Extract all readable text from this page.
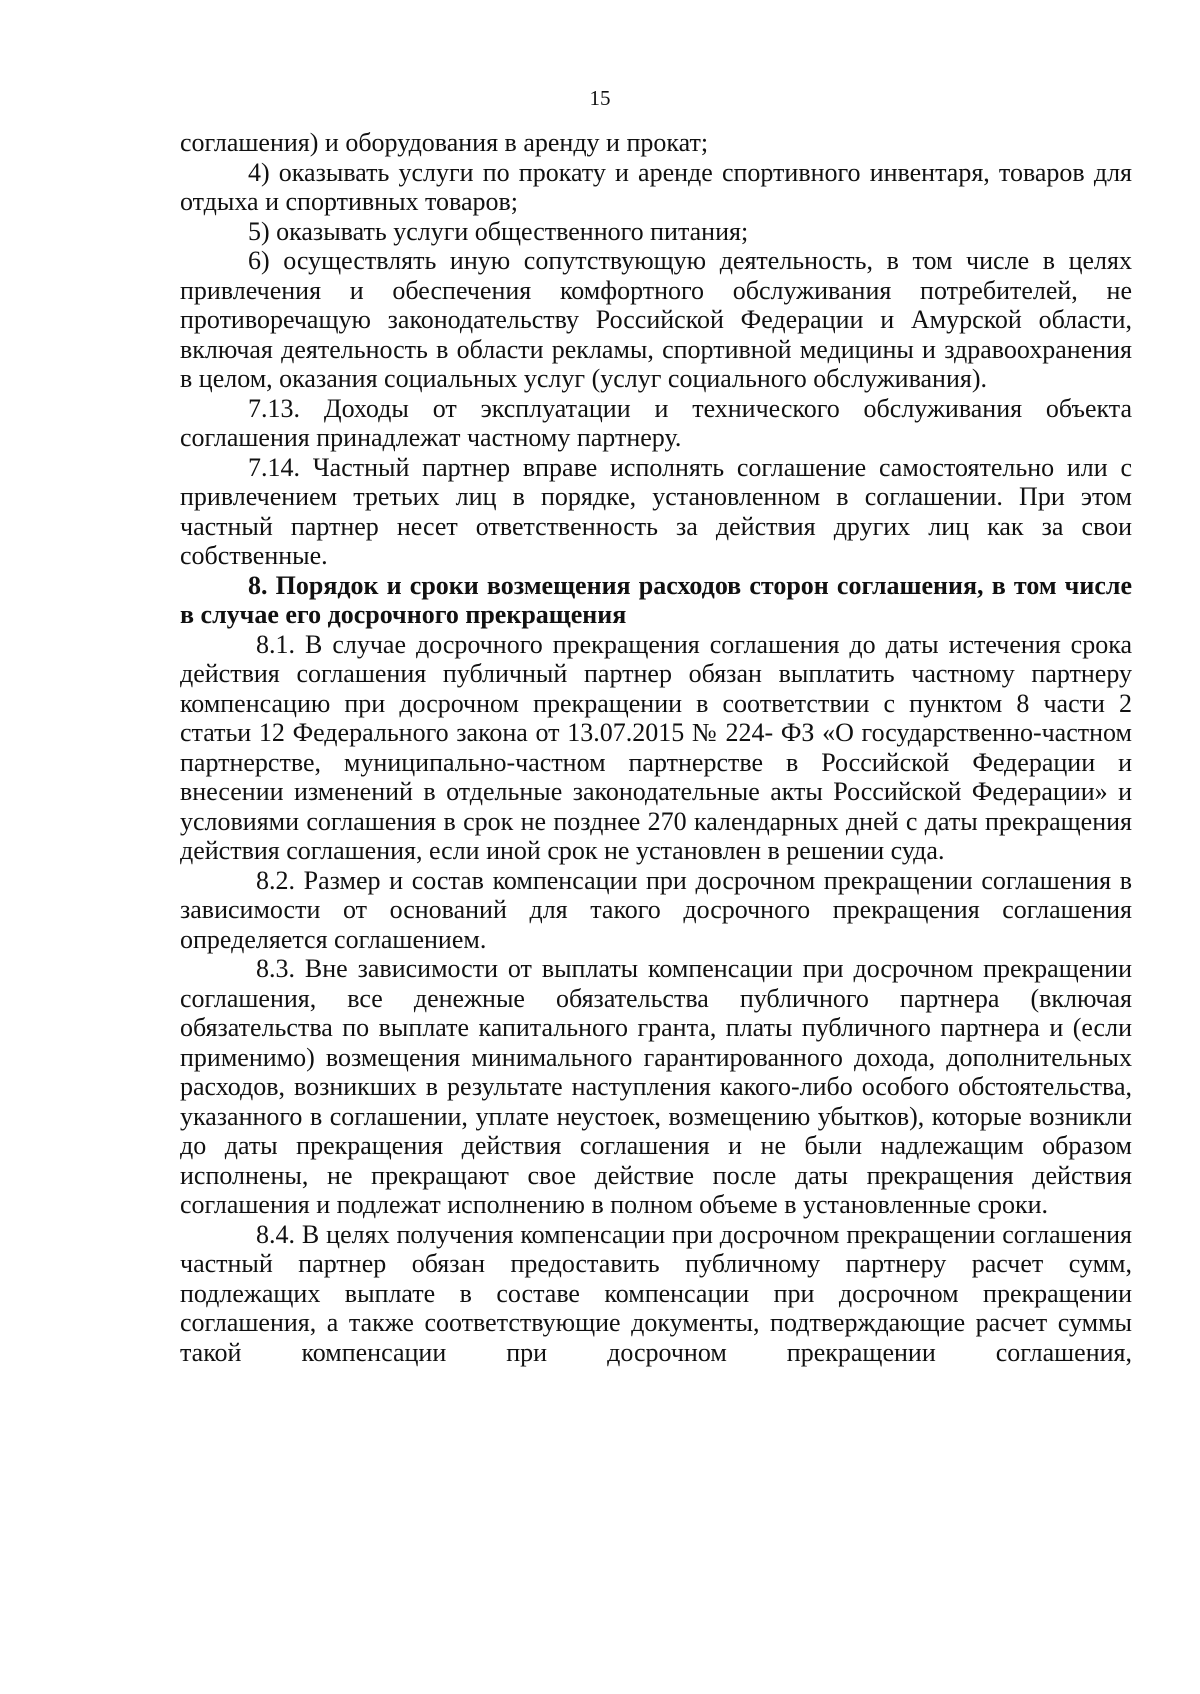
15

соглашения) и оборудования в аренду и прокат;

4) оказывать услуги по прокату и аренде спортивного инвентаря, товаров для отдыха и спортивных товаров;

5) оказывать услуги общественного питания;

6) осуществлять иную сопутствующую деятельность, в том числе в целях привлечения и обеспечения комфортного обслуживания потребителей, не противоречащую законодательству Российской Федерации и Амурской области, включая деятельность в области рекламы, спортивной медицины и здравоохранения в целом, оказания социальных услуг (услуг социального обслуживания).

7.13. Доходы от эксплуатации и технического обслуживания объекта соглашения принадлежат частному партнеру.

7.14. Частный партнер вправе исполнять соглашение самостоятельно или с привлечением третьих лиц в порядке, установленном в соглашении. При этом частный партнер несет ответственность за действия других лиц как за свои собственные.

8. Порядок и сроки возмещения расходов сторон соглашения, в том числе в случае его досрочного прекращения

8.1. В случае досрочного прекращения соглашения до даты истечения срока действия соглашения публичный партнер обязан выплатить частному партнеру компенсацию при досрочном прекращении в соответствии с пунктом 8 части 2 статьи 12 Федерального закона от 13.07.2015 № 224- ФЗ «О государственно-частном партнерстве, муниципально-частном партнерстве в Российской Федерации и внесении изменений в отдельные законодательные акты Российской Федерации» и условиями соглашения в срок не позднее 270 календарных дней с даты прекращения действия соглашения, если иной срок не установлен в решении суда.

8.2. Размер и состав компенсации при досрочном прекращении соглашения в зависимости от оснований для такого досрочного прекращения соглашения определяется соглашением.

8.3. Вне зависимости от выплаты компенсации при досрочном прекращении соглашения, все денежные обязательства публичного партнера (включая обязательства по выплате капитального гранта, платы публичного партнера и (если применимо) возмещения минимального гарантированного дохода, дополнительных расходов, возникших в результате наступления какого-либо особого обстоятельства, указанного в соглашении, уплате неустоек, возмещению убытков), которые возникли до даты прекращения действия соглашения и не были надлежащим образом исполнены, не прекращают свое действие после даты прекращения действия соглашения и подлежат исполнению в полном объеме в установленные сроки.

8.4. В целях получения компенсации при досрочном прекращении соглашения частный партнер обязан предоставить публичному партнеру расчет сумм, подлежащих выплате в составе компенсации при досрочном прекращении соглашения, а также соответствующие документы, подтверждающие расчет суммы такой компенсации при досрочном прекращении соглашения,
